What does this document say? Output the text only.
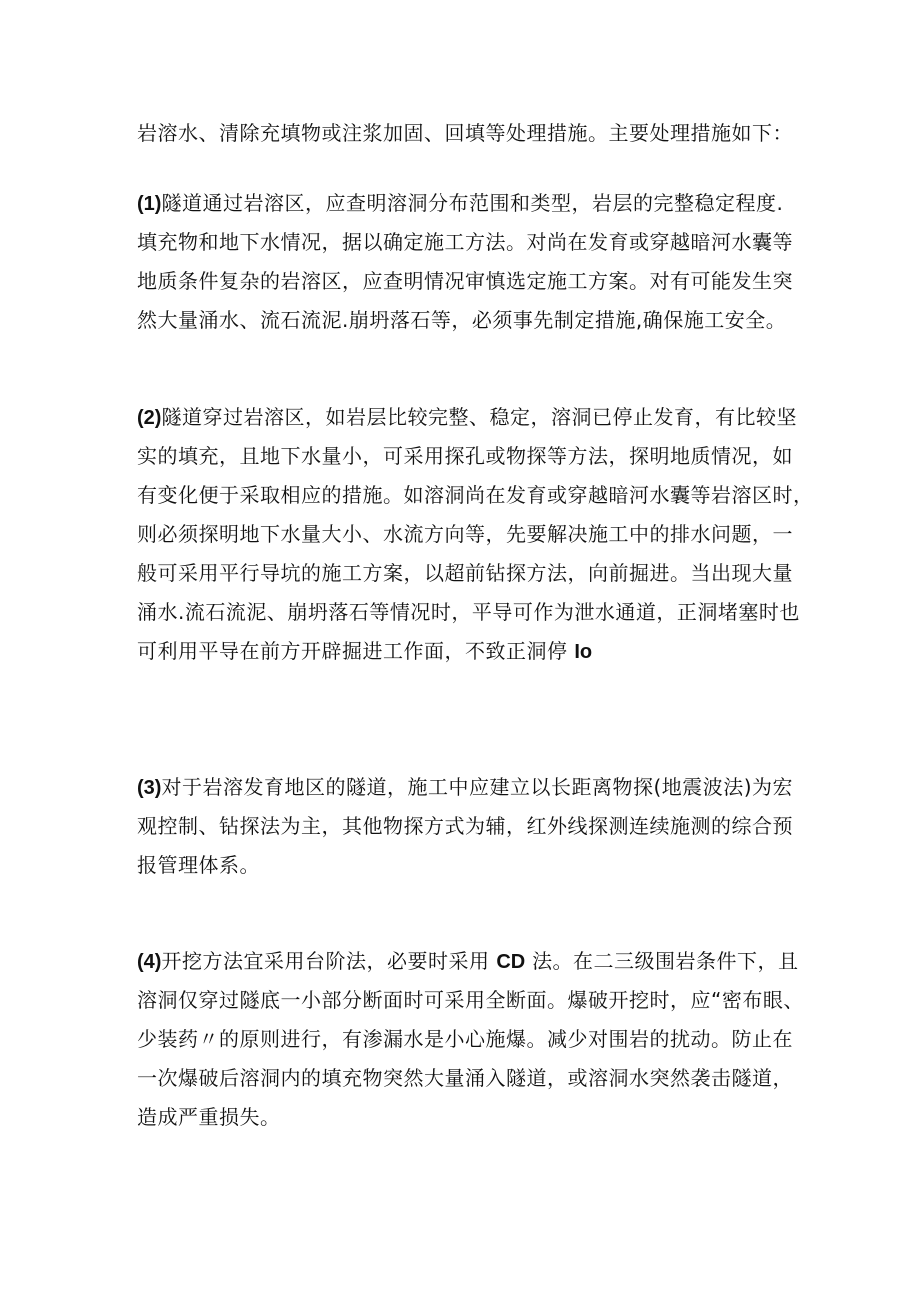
岩溶水、清除充填物或注浆加固、回填等处理措施。主要处理措施如下：
(1)隧道通过岩溶区，应查明溶洞分布范围和类型，岩层的完整稳定程度.
填充物和地下水情况，据以确定施工方法。对尚在发育或穿越暗河水囊等
地质条件复杂的岩溶区，应查明情况审慎选定施工方案。对有可能发生突
然大量涌水、流石流泥.崩坍落石等，必须事先制定措施,确保施工安全。
(2)隧道穿过岩溶区，如岩层比较完整、稳定，溶洞已停止发育，有比较坚
实的填充，且地下水量小，可采用探孔或物探等方法，探明地质情况，如
有变化便于采取相应的措施。如溶洞尚在发育或穿越暗河水囊等岩溶区时，
则必须探明地下水量大小、水流方向等，先要解决施工中的排水问题，一
般可采用平行导坑的施工方案，以超前钻探方法，向前掘进。当出现大量
涌水.流石流泥、崩坍落石等情况时，平导可作为泄水通道，正洞堵塞时也
可利用平导在前方开辟掘进工作面，不致正洞停 Io
(3)对于岩溶发育地区的隧道，施工中应建立以长距离物探(地震波法)为宏
观控制、钻探法为主，其他物探方式为辅，红外线探测连续施测的综合预
报管理体系。
(4)开挖方法宜采用台阶法，必要时采用 CD 法。在二三级围岩条件下，且
溶洞仅穿过隧底一小部分断面时可采用全断面。爆破开挖时，应“密布眼、
少装药〃的原则进行，有渗漏水是小心施爆。减少对围岩的扰动。防止在
一次爆破后溶洞内的填充物突然大量涌入隧道，或溶洞水突然袭击隧道，
造成严重损失。
